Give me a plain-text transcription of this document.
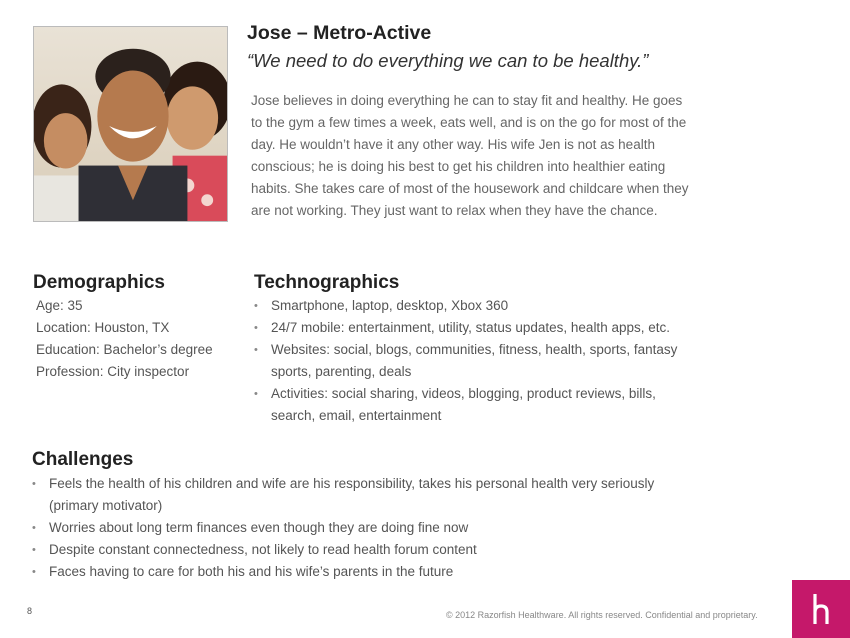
Jose – Metro-Active
“We need to do everything we can to be healthy.”
Jose believes in doing everything he can to stay fit and healthy. He goes
to the gym a few times a week, eats well, and is on the go for most of the
day. He wouldn’t have it any other way. His wife Jen is not as health
conscious; he is doing his best to get his children into healthier eating
habits. She takes care of most of the housework and childcare when they
are not working. They just want to relax when they have the chance.
Demographics
Age: 35
Location: Houston, TX
Education: Bachelor’s degree
Profession: City inspector
Technographics
• Smartphone, laptop, desktop, Xbox 360
• 24/7 mobile: entertainment, utility, status updates, health apps, etc.
• Websites: social, blogs, communities, fitness, health, sports, fantasy
sports, parenting, deals
• Activities: social sharing, videos, blogging, product reviews, bills,
search, email, entertainment
Challenges
• Feels the health of his children and wife are his responsibility, takes his personal health very seriously
(primary motivator)
• Worries about long term finances even though they are doing fine now
• Despite constant connectedness, not likely to read health forum content
• Faces having to care for both his and his wife’s parents in the future
8	© 2012 Razorfish Healthware. All rights reserved. Confidential and proprietary.
